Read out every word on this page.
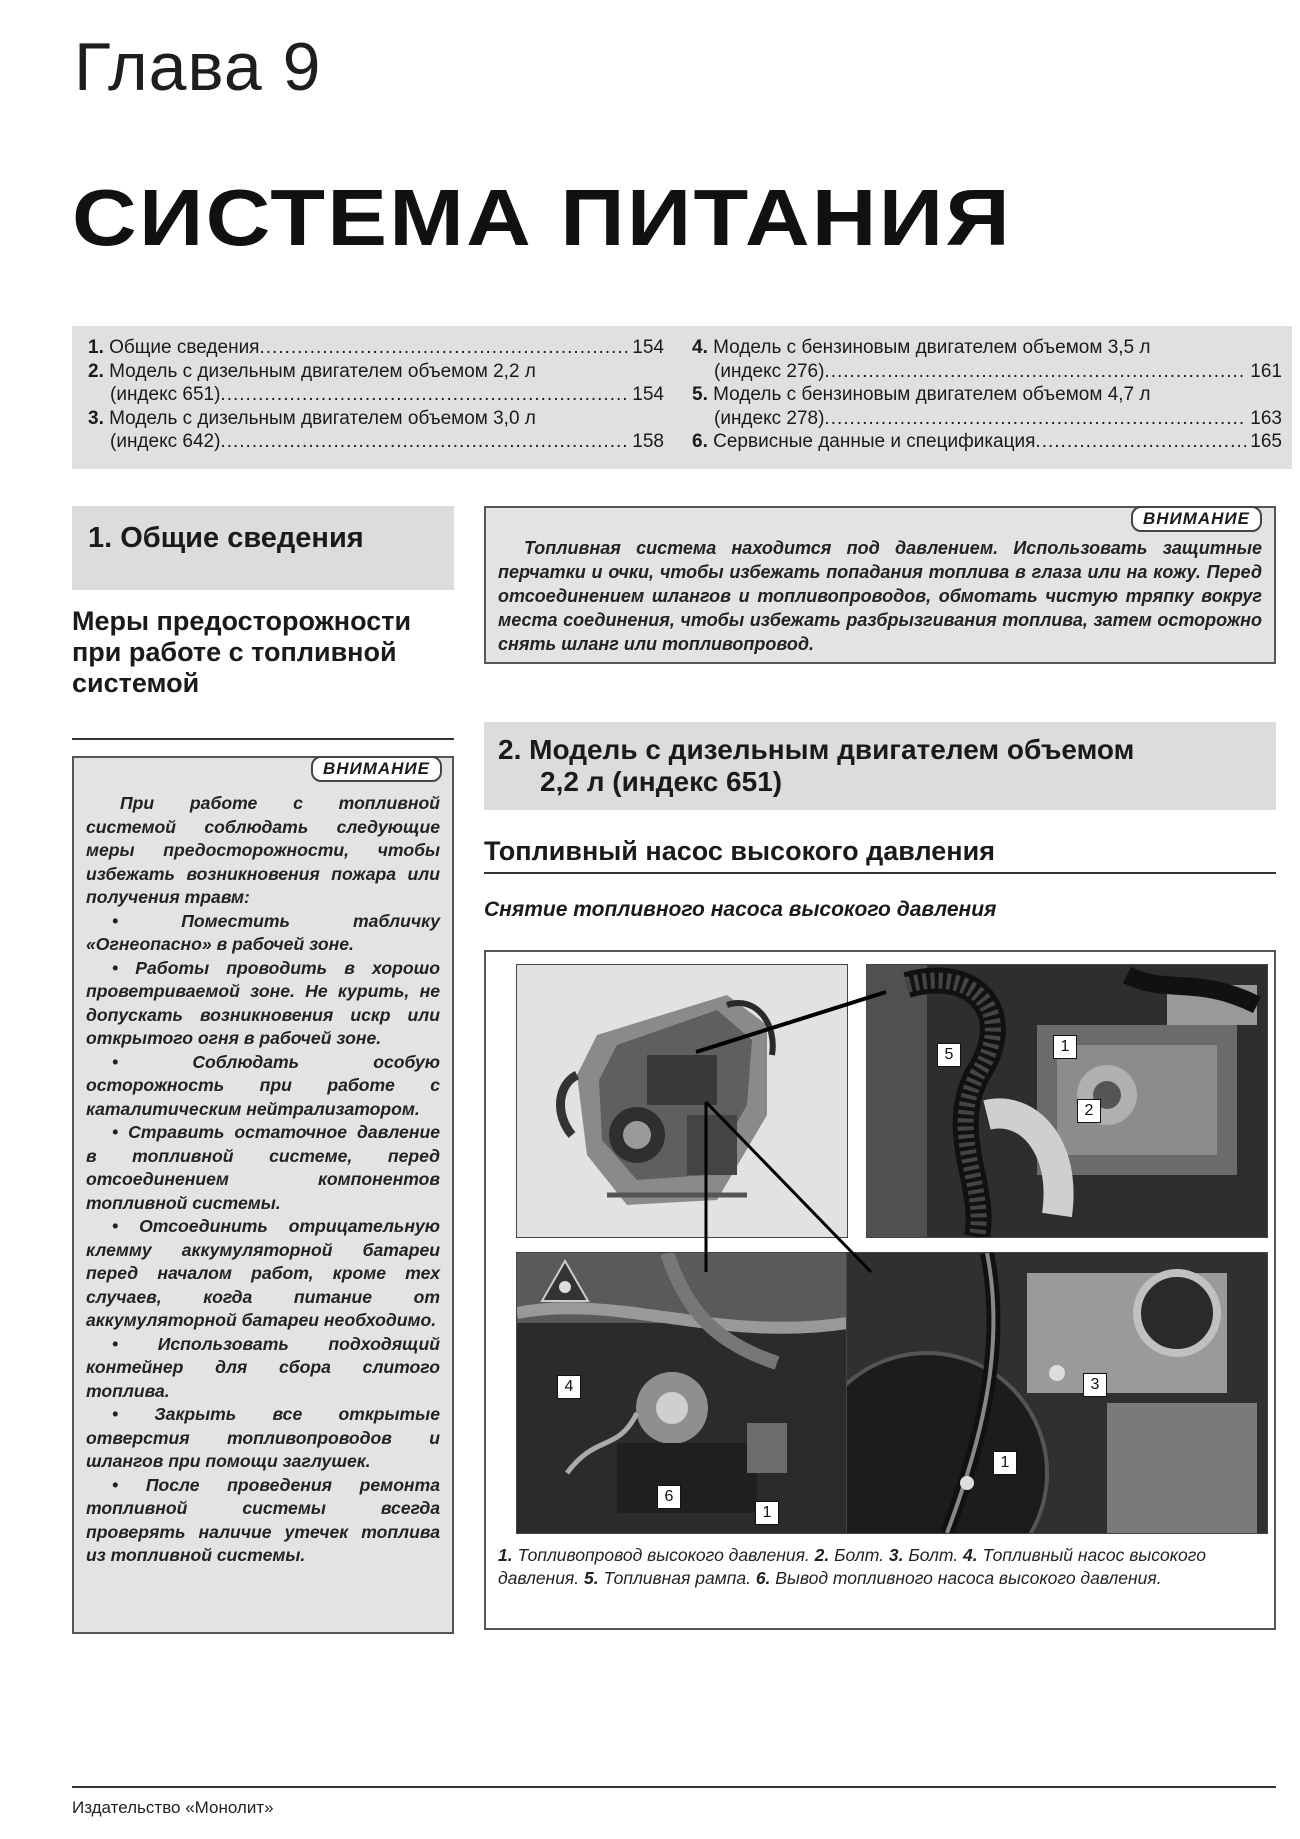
Глава 9
СИСТЕМА ПИТАНИЯ
1. Общие сведения .....	154
2. Модель с дизельным двигателем объемом 2,2 л
(индекс 651) .....	154
3. Модель с дизельным двигателем объемом 3,0 л
(индекс 642) .....	158
4. Модель с бензиновым двигателем объемом 3,5 л
(индекс 276) .....	161
5. Модель с бензиновым двигателем объемом 4,7 л
(индекс 278) .....	163
6. Сервисные данные и спецификация .....	165
1. Общие сведения
Меры предосторожности при работе с топливной системой
ВНИМАНИЕ

При работе с топливной системой соблюдать следующие меры предосторожности, чтобы избежать возникновения пожара или получения травм:

• Поместить табличку «Огнеопасно» в рабочей зоне.

• Работы проводить в хорошо проветриваемой зоне. Не курить, не допускать возникновения искр или открытого огня в рабочей зоне.

• Соблюдать особую осторожность при работе с каталитическим нейтрализатором.

• Стравить остаточное давление в топливной системе, перед отсоединением компонентов топливной системы.

• Отсоединить отрицательную клемму аккумуляторной батареи перед началом работ, кроме тех случаев, когда питание от аккумуляторной батареи необходимо.

• Использовать подходящий контейнер для сбора слитого топлива.

• Закрыть все открытые отверстия топливопроводов и шлангов при помощи заглушек.

• После проведения ремонта топливной системы всегда проверять наличие утечек топлива из топливной системы.

ВНИМАНИЕ
Топливная система находится под давлением. Использовать защитные перчатки и очки, чтобы избежать попадания топлива в глаза или на кожу. Перед отсоединением шлангов и топливопроводов, обмотать чистую тряпку вокруг места соединения, чтобы избежать разбрызгивания топлива, затем осторожно снять шланг или топливопровод.
2. Модель с дизельным двигателем объемом
2,2 л (индекс 651)
Топливный насос высокого давления
Снятие топливного насоса высокого давления
5	1
2
4
6
1
3
1
1. Топливопровод высокого давления. 2. Болт. 3. Болт. 4. Топливный насос высокого давления. 5. Топливная рампа. 6. Вывод топливного насоса высокого давления.
Издательство «Монолит»
